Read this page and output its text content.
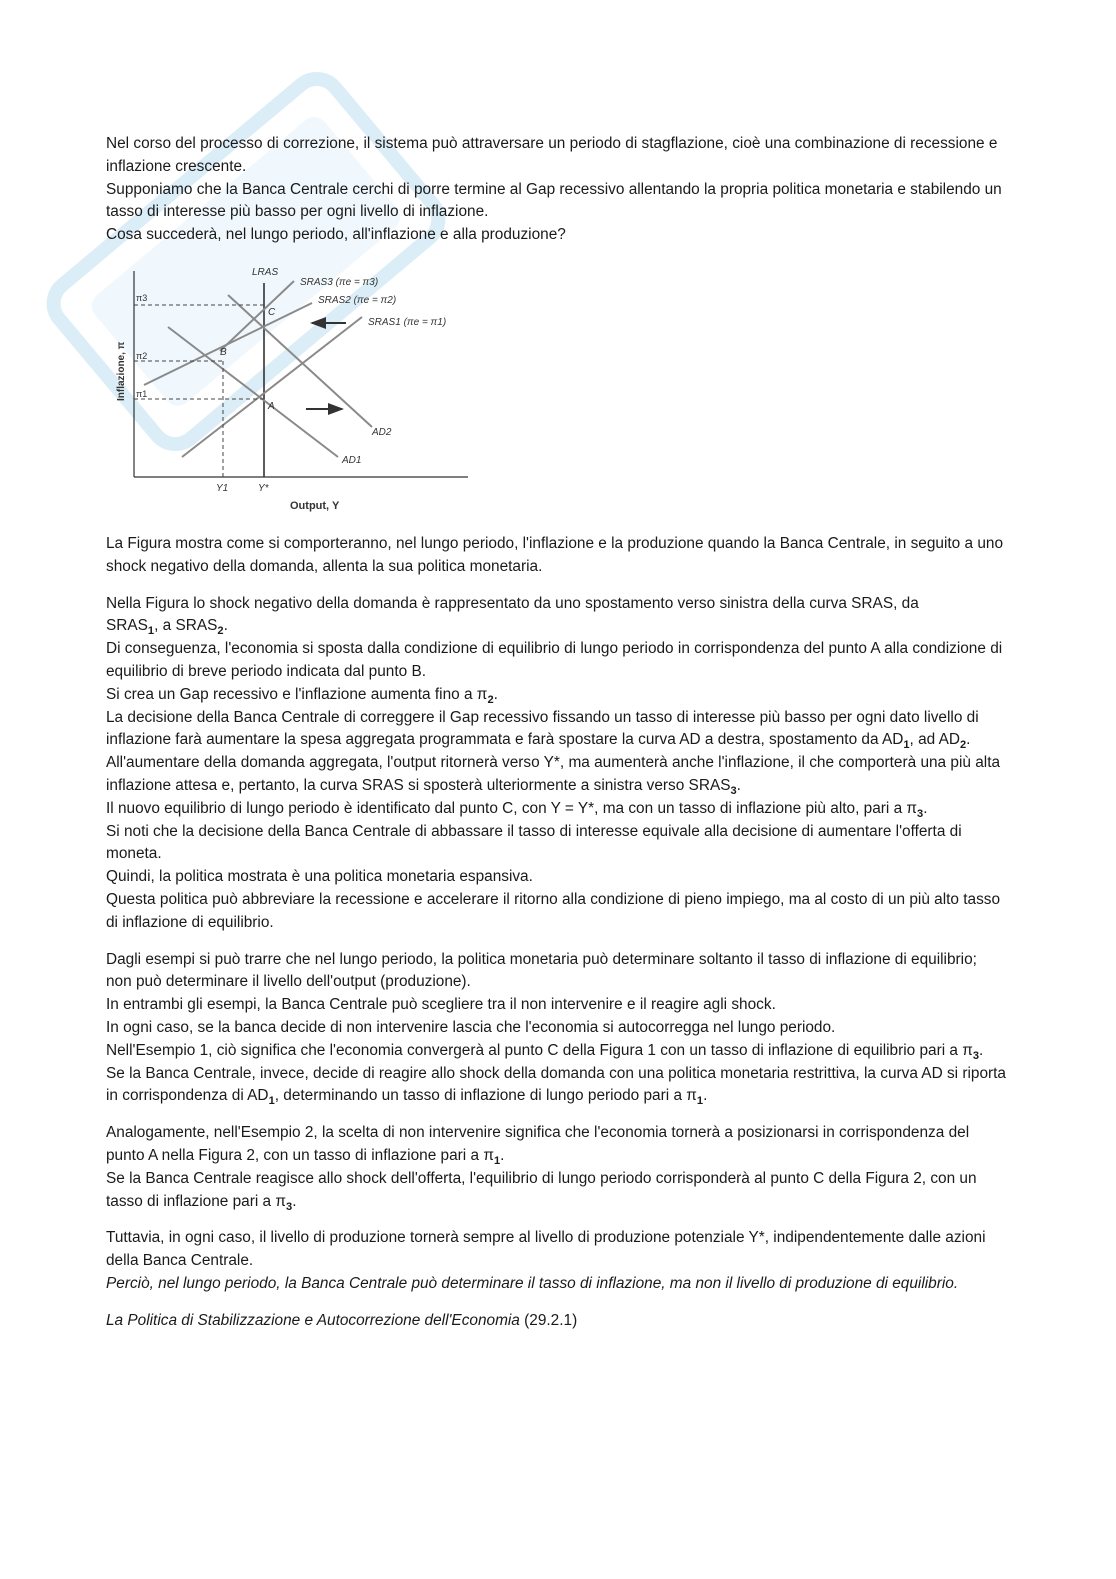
Nel corso del processo di correzione, il sistema può attraversare un periodo di stagflazione, cioè una combinazione di recessione e inflazione crescente.
Supponiamo che la Banca Centrale cerchi di porre termine al Gap recessivo allentando la propria politica monetaria e stabilendo un tasso di interesse più basso per ogni livello di inflazione.
Cosa succederà, nel lungo periodo, all'inflazione e alla produzione?

LRAS
SRAS3 (πe = π3)
SRAS2 (πe = π2)
SRAS1 (πe = π1)
AD2
AD1
A
B
C
π3
π2
π1
Y1	Y*
Output, Y
Inflazione, π

La Figura mostra come si comporteranno, nel lungo periodo, l'inflazione e la produzione quando la Banca Centrale, in seguito a uno shock negativo della domanda, allenta la sua politica monetaria.

Nella Figura lo shock negativo della domanda è rappresentato da uno spostamento verso sinistra della curva SRAS, da
$SRAS_1$, a $SRAS_2$.
Di conseguenza, l'economia si sposta dalla condizione di equilibrio di lungo periodo in corrispondenza del punto A alla condizione di equilibrio di breve periodo indicata dal punto B.
Si crea un Gap recessivo e l'inflazione aumenta fino a $\pi_2$.
La decisione della Banca Centrale di correggere il Gap recessivo fissando un tasso di interesse più basso per ogni dato livello di inflazione farà aumentare la spesa aggregata programmata e farà spostare la curva AD a destra, spostamento da $AD_1$, ad $AD_2$.
All'aumentare della domanda aggregata, l'output ritornerà verso Y*, ma aumenterà anche l'inflazione, il che comporterà una più alta inflazione attesa e, pertanto, la curva SRAS si sposterà ulteriormente a sinistra verso $SRAS_3$.
Il nuovo equilibrio di lungo periodo è identificato dal punto C, con Y = Y*, ma con un tasso di inflazione più alto, pari a $\pi_3$.
Si noti che la decisione della Banca Centrale di abbassare il tasso di interesse equivale alla decisione di aumentare l'offerta di moneta.
Quindi, la politica mostrata è una politica monetaria espansiva.
Questa politica può abbreviare la recessione e accelerare il ritorno alla condizione di pieno impiego, ma al costo di un più alto tasso di inflazione di equilibrio.

Dagli esempi si può trarre che nel lungo periodo, la politica monetaria può determinare soltanto il tasso di inflazione di equilibrio; non può determinare il livello dell'output (produzione).
In entrambi gli esempi, la Banca Centrale può scegliere tra il non intervenire e il reagire agli shock.
In ogni caso, se la banca decide di non intervenire lascia che l'economia si autocorregga nel lungo periodo.
Nell'Esempio 1, ciò significa che l'economia convergerà al punto C della Figura 1 con un tasso di inflazione di equilibrio pari a $\pi_3$.
Se la Banca Centrale, invece, decide di reagire allo shock della domanda con una politica monetaria restrittiva, la curva AD si riporta in corrispondenza di $AD_1$, determinando un tasso di inflazione di lungo periodo pari a $\pi_1$.

Analogamente, nell'Esempio 2, la scelta di non intervenire significa che l'economia tornerà a posizionarsi in corrispondenza del punto A nella Figura 2, con un tasso di inflazione pari a $\pi_1$.
Se la Banca Centrale reagisce allo shock dell'offerta, l'equilibrio di lungo periodo corrisponderà al punto C della Figura 2, con un tasso di inflazione pari a $\pi_3$.

Tuttavia, in ogni caso, il livello di produzione tornerà sempre al livello di produzione potenziale Y*, indipendentemente dalle azioni della Banca Centrale.
Perciò, nel lungo periodo, la Banca Centrale può determinare il tasso di inflazione, ma non il livello di produzione di equilibrio.

La Politica di Stabilizzazione e Autocorrezione dell'Economia (29.2.1)
